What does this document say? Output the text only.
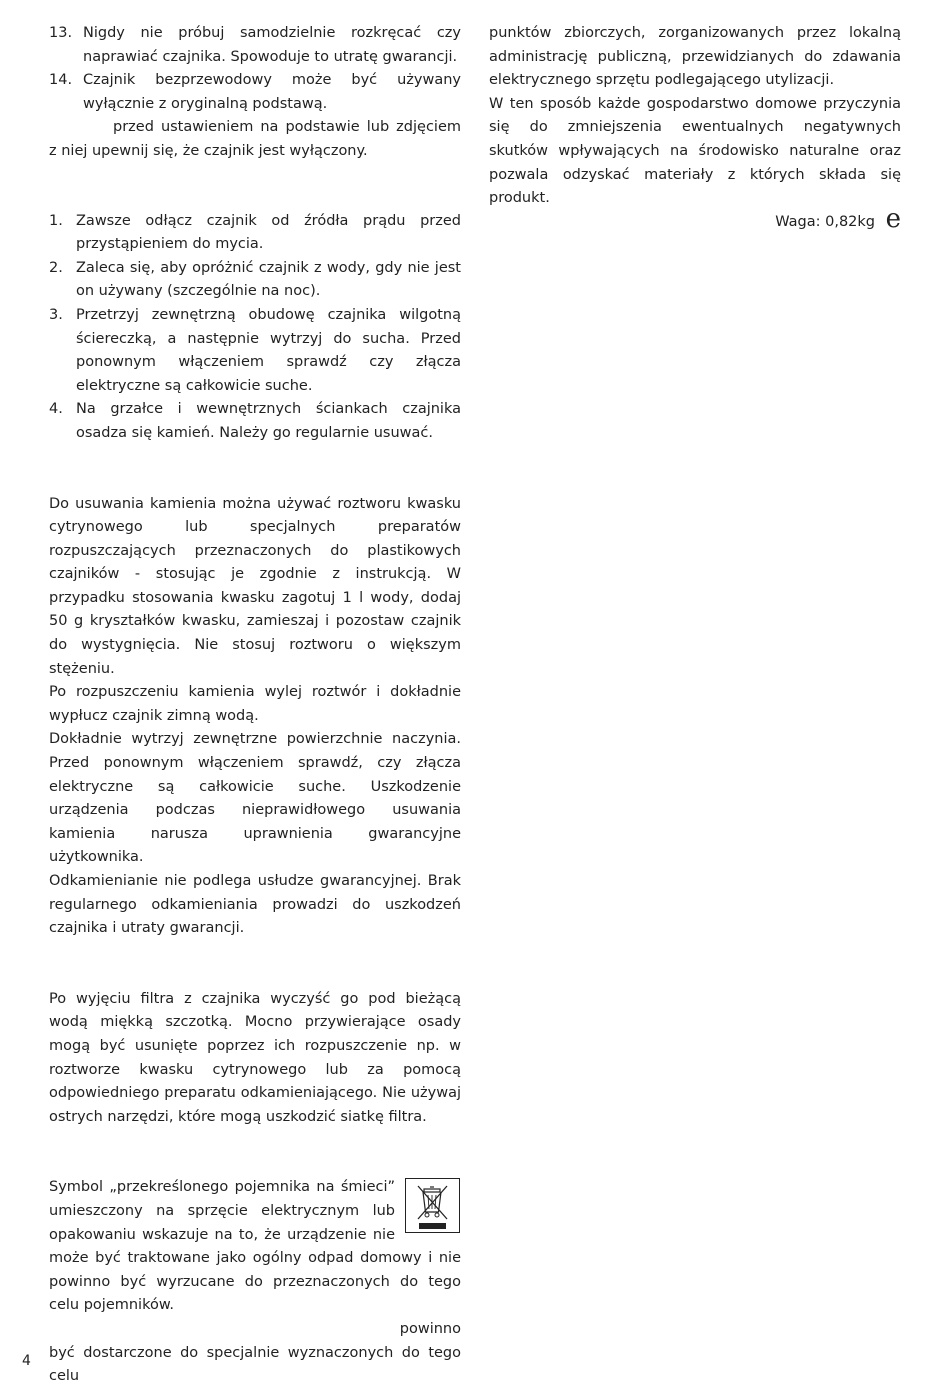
13. Nigdy nie próbuj samodzielnie rozkręcać czy naprawiać czajnika. Spowoduje to utratę gwarancji.
14. Czajnik bezprzewodowy może być używany wyłącznie z oryginalną podstawą.

przed ustawieniem na podstawie lub zdjęciem z niej upewnij się, że czajnik jest wyłączony.

1. Zawsze odłącz czajnik od źródła prądu przed przystąpieniem do mycia.
2. Zaleca się, aby opróżnić czajnik z wody, gdy nie jest on używany (szczególnie na noc).
3. Przetrzyj zewnętrzną obudowę czajnika wilgotną ściereczką, a następnie wytrzyj do sucha. Przed ponownym włączeniem sprawdź czy złącza elektryczne są całkowicie suche.
4. Na grzałce i wewnętrznych ściankach czajnika osadza się kamień. Należy go regularnie usuwać.

Do usuwania kamienia można używać roztworu kwasku cytrynowego lub specjalnych preparatów rozpuszczających przeznaczonych do plastikowych czajników - stosując je zgodnie z instrukcją. W przypadku stosowania kwasku zagotuj 1 l wody, dodaj 50 g kryształków kwasku, zamieszaj i pozostaw czajnik do wystygnięcia. Nie stosuj roztworu o większym stężeniu.

Po rozpuszczeniu kamienia wylej roztwór i dokładnie wypłucz czajnik zimną wodą.

Dokładnie wytrzyj zewnętrzne powierzchnie naczynia. Przed ponownym włączeniem sprawdź, czy złącza elektryczne są całkowicie suche. Uszkodzenie urządzenia podczas nieprawidłowego usuwania kamienia narusza uprawnienia gwarancyjne użytkownika.

Odkamienianie nie podlega usłudze gwarancyjnej. Brak regularnego odkamieniania prowadzi do uszkodzeń czajnika i utraty gwarancji.

Po wyjęciu filtra z czajnika wyczyść go pod bieżącą wodą miękką szczotką. Mocno przywierające osady mogą być usunięte poprzez ich rozpuszczenie np. w roztworze kwasku cytrynowego lub za pomocą odpowiedniego preparatu odkamieniającego. Nie używaj ostrych narzędzi, które mogą uszkodzić siatkę filtra.

Symbol „przekreślonego pojemnika na śmieci” umieszczony na sprzęcie elektrycznym lub opakowaniu wskazuje na to, że urządzenie nie może być traktowane jako ogólny odpad domowy i nie powinno być wyrzucane do przeznaczonych do tego celu pojemników.

powinno

być dostarczone do specjalnie wyznaczonych do tego celu

punktów zbiorczych, zorganizowanych przez lokalną administrację publiczną, przewidzianych do zdawania elektrycznego sprzętu podlegającego utylizacji.

W ten sposób każde gospodarstwo domowe przyczynia się do zmniejszenia ewentualnych negatywnych skutków wpływających na środowisko naturalne oraz pozwala odzyskać materiały z których składa się produkt.

Waga: 0,82kg e
4
